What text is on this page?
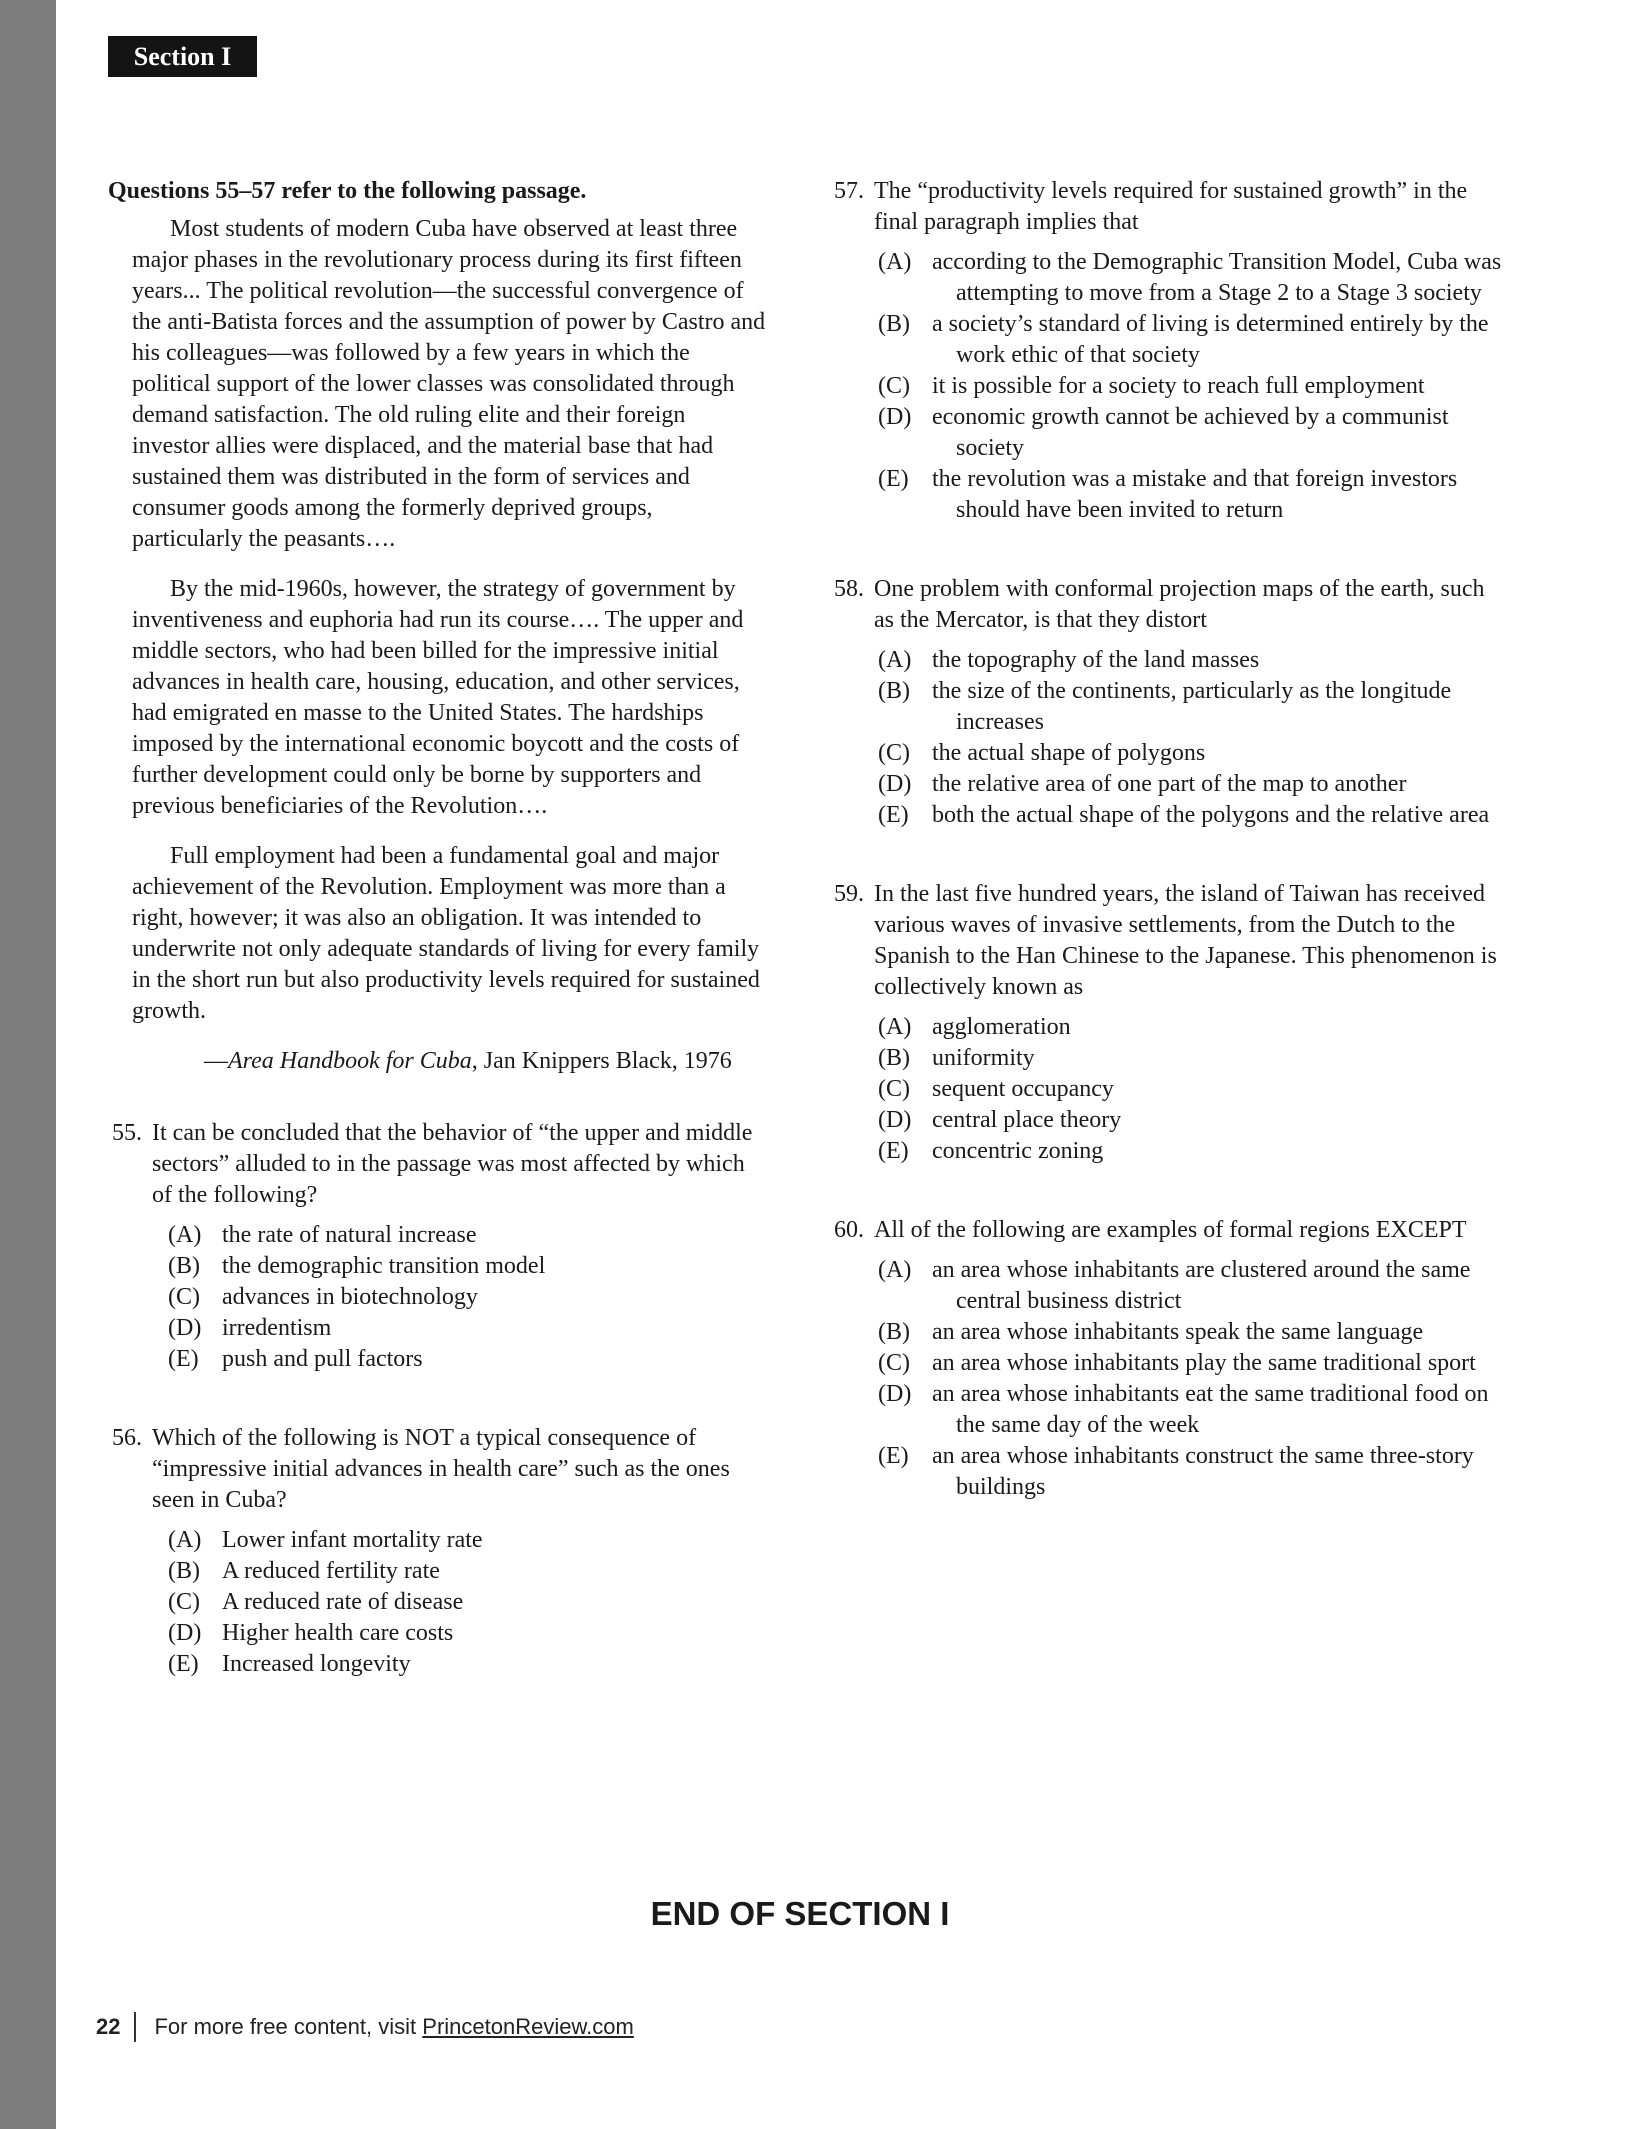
Section I
Questions 55–57 refer to the following passage.

Most students of modern Cuba have observed at least three major phases in the revolutionary process during its first fifteen years... The political revolution—the successful convergence of the anti-Batista forces and the assumption of power by Castro and his colleagues—was followed by a few years in which the political support of the lower classes was consolidated through demand satisfaction. The old ruling elite and their foreign investor allies were displaced, and the material base that had sustained them was distributed in the form of services and consumer goods among the formerly deprived groups, particularly the peasants….

By the mid-1960s, however, the strategy of government by inventiveness and euphoria had run its course…. The upper and middle sectors, who had been billed for the impressive initial advances in health care, housing, education, and other services, had emigrated en masse to the United States. The hardships imposed by the international economic boycott and the costs of further development could only be borne by supporters and previous beneficiaries of the Revolution….

Full employment had been a fundamental goal and major achievement of the Revolution. Employment was more than a right, however; it was also an obligation. It was intended to underwrite not only adequate standards of living for every family in the short run but also productivity levels required for sustained growth.

—Area Handbook for Cuba, Jan Knippers Black, 1976
55. It can be concluded that the behavior of “the upper and middle sectors” alluded to in the passage was most affected by which of the following?
(A) the rate of natural increase
(B) the demographic transition model
(C) advances in biotechnology
(D) irredentism
(E) push and pull factors
56. Which of the following is NOT a typical consequence of “impressive initial advances in health care” such as the ones seen in Cuba?
(A) Lower infant mortality rate
(B) A reduced fertility rate
(C) A reduced rate of disease
(D) Higher health care costs
(E) Increased longevity
57. The “productivity levels required for sustained growth” in the final paragraph implies that
(A) according to the Demographic Transition Model, Cuba was attempting to move from a Stage 2 to a Stage 3 society
(B) a society’s standard of living is determined entirely by the work ethic of that society
(C) it is possible for a society to reach full employment
(D) economic growth cannot be achieved by a communist society
(E) the revolution was a mistake and that foreign investors should have been invited to return
58. One problem with conformal projection maps of the earth, such as the Mercator, is that they distort
(A) the topography of the land masses
(B) the size of the continents, particularly as the longitude increases
(C) the actual shape of polygons
(D) the relative area of one part of the map to another
(E) both the actual shape of the polygons and the relative area
59. In the last five hundred years, the island of Taiwan has received various waves of invasive settlements, from the Dutch to the Spanish to the Han Chinese to the Japanese. This phenomenon is collectively known as
(A) agglomeration
(B) uniformity
(C) sequent occupancy
(D) central place theory
(E) concentric zoning
60. All of the following are examples of formal regions EXCEPT
(A) an area whose inhabitants are clustered around the same central business district
(B) an area whose inhabitants speak the same language
(C) an area whose inhabitants play the same traditional sport
(D) an area whose inhabitants eat the same traditional food on the same day of the week
(E) an area whose inhabitants construct the same three-story buildings
END OF SECTION I
22	For more free content, visit
PrincetonReview.com
